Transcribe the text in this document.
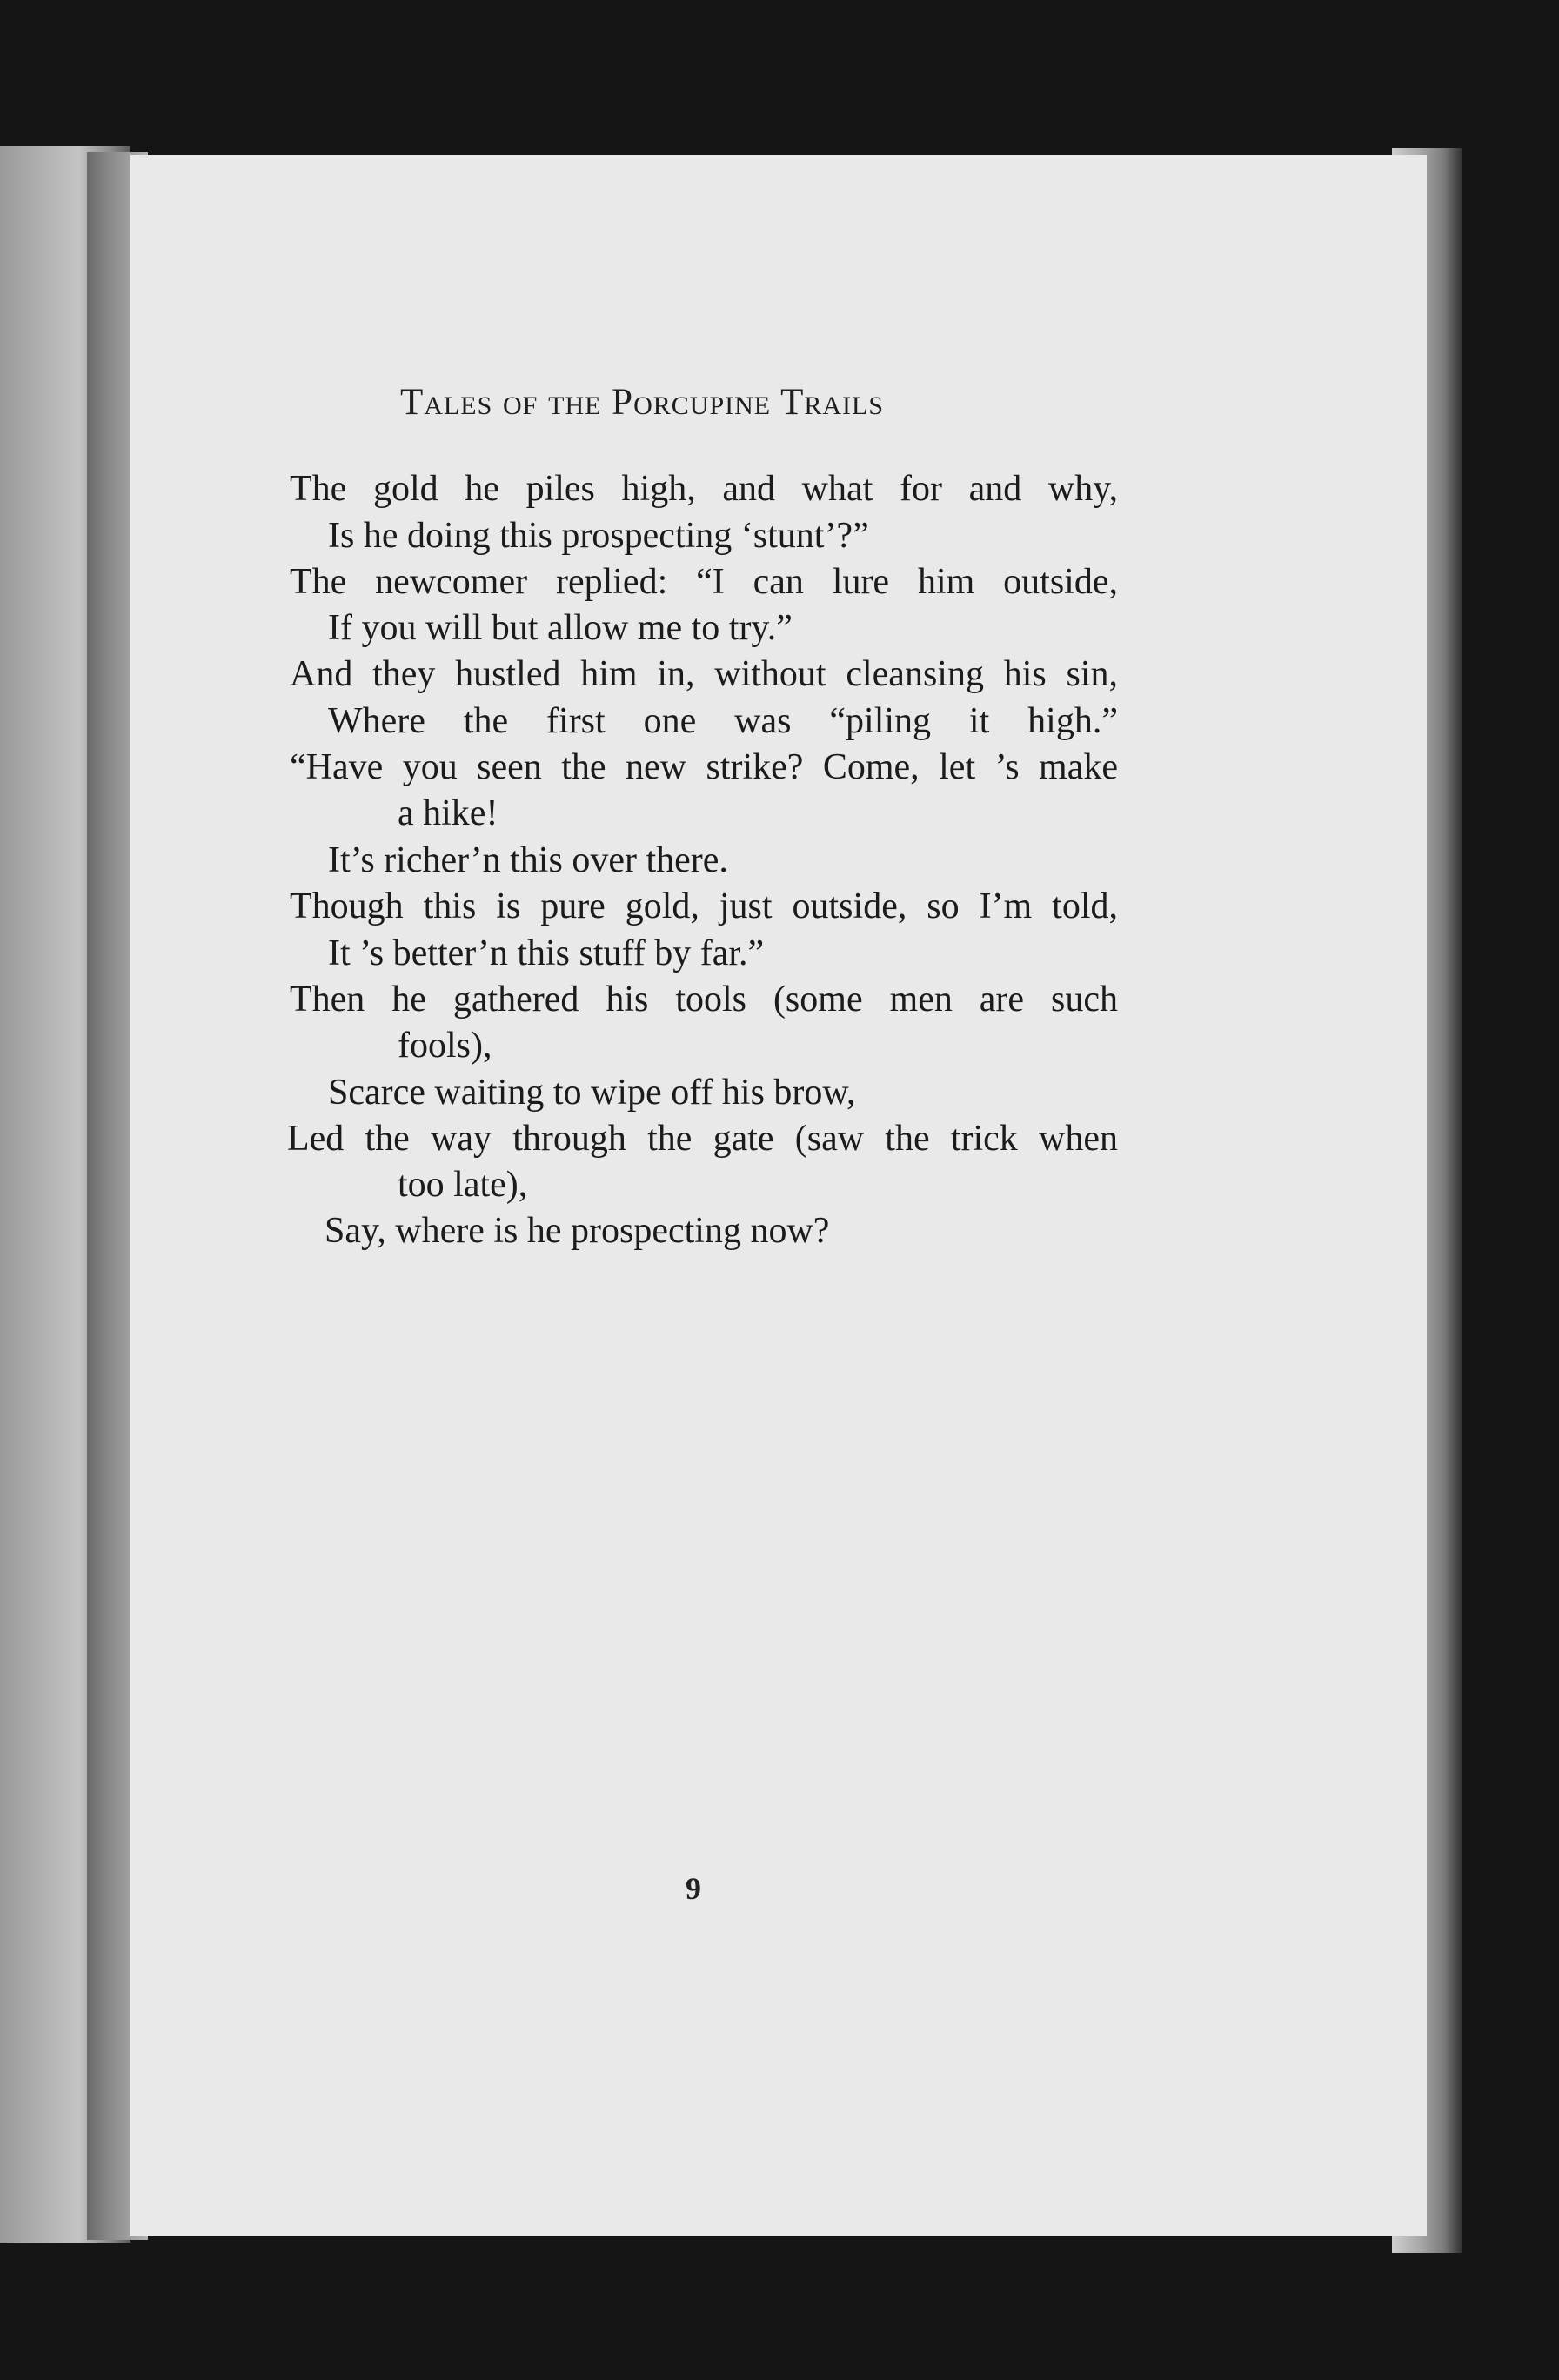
Tales of the Porcupine Trails
The gold he piles high, and what for and why,
Is he doing this prospecting ‘stunt’?”
The newcomer replied: “I can lure him outside,
If you will but allow me to try.”
And they hustled him in, without cleansing his sin,
Where the first one was “piling it high.”
“Have you seen the new strike? Come, let ’s make
a hike!
It’s richer’n this over there.
Though this is pure gold, just outside, so I’m told,
It ’s better’n this stuff by far.”
Then he gathered his tools (some men are such
fools),
Scarce waiting to wipe off his brow,
Led the way through the gate (saw the trick when
too late),
Say, where is he prospecting now?
9
